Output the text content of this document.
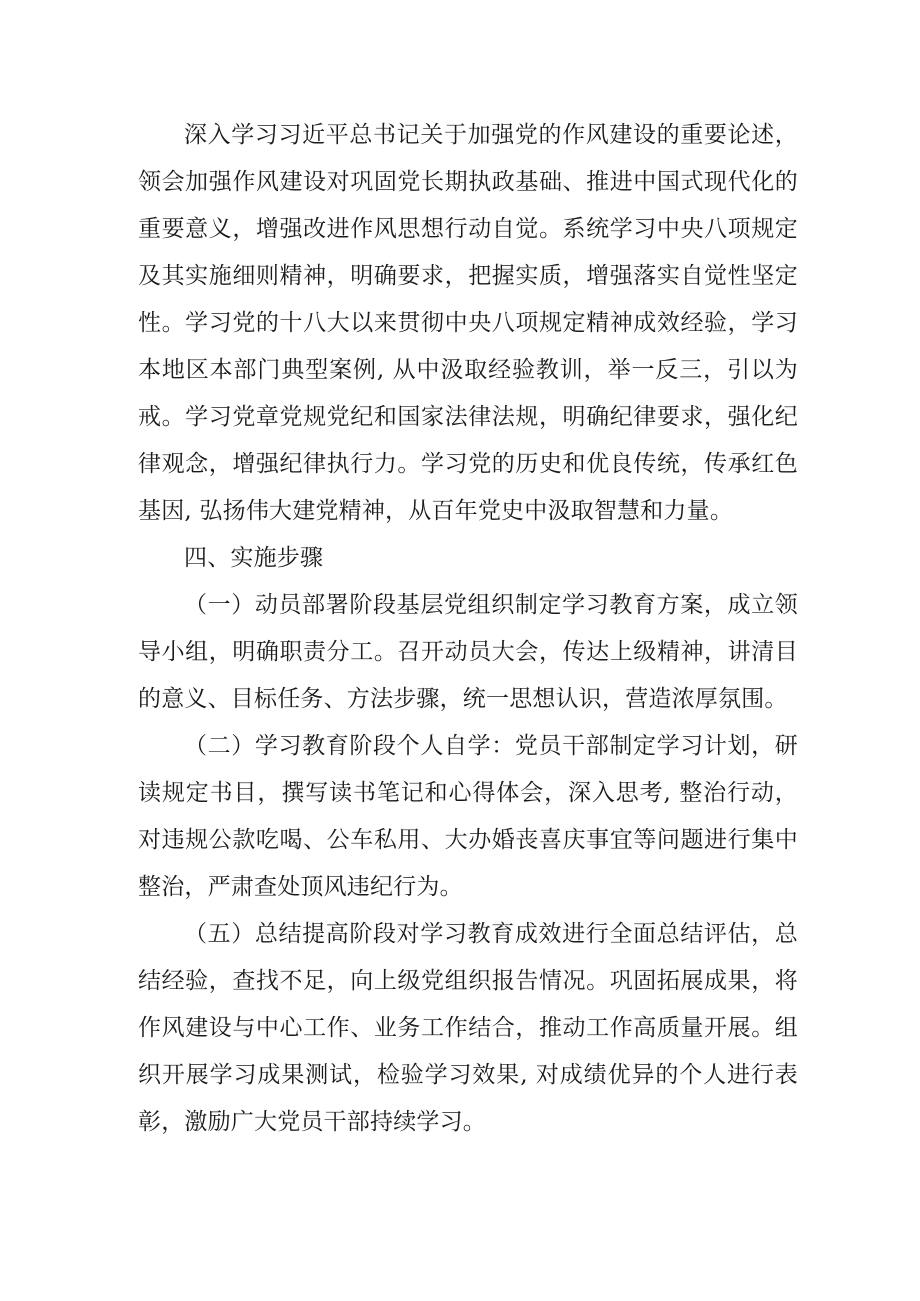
深入学习习近平总书记关于加强党的作风建设的重要论述，领会加强作风建设对巩固党长期执政基础、推进中国式现代化的重要意义，增强改进作风思想行动自觉。系统学习中央八项规定及其实施细则精神，明确要求，把握实质，增强落实自觉性坚定性。学习党的十八大以来贯彻中央八项规定精神成效经验，学习本地区本部门典型案例, 从中汲取经验教训，举一反三，引以为戒。学习党章党规党纪和国家法律法规，明确纪律要求，强化纪律观念，增强纪律执行力。学习党的历史和优良传统，传承红色基因, 弘扬伟大建党精神，从百年党史中汲取智慧和力量。

四、实施步骤

（一）动员部署阶段基层党组织制定学习教育方案，成立领导小组，明确职责分工。召开动员大会，传达上级精神，讲清目的意义、目标任务、方法步骤，统一思想认识，营造浓厚氛围。

（二）学习教育阶段个人自学：党员干部制定学习计划，研读规定书目，撰写读书笔记和心得体会，深入思考, 整治行动，对违规公款吃喝、公车私用、大办婚丧喜庆事宜等问题进行集中整治，严肃查处顶风违纪行为。

（五）总结提高阶段对学习教育成效进行全面总结评估，总结经验，查找不足，向上级党组织报告情况。巩固拓展成果，将作风建设与中心工作、业务工作结合，推动工作高质量开展。组织开展学习成果测试，检验学习效果, 对成绩优异的个人进行表彰，激励广大党员干部持续学习。
